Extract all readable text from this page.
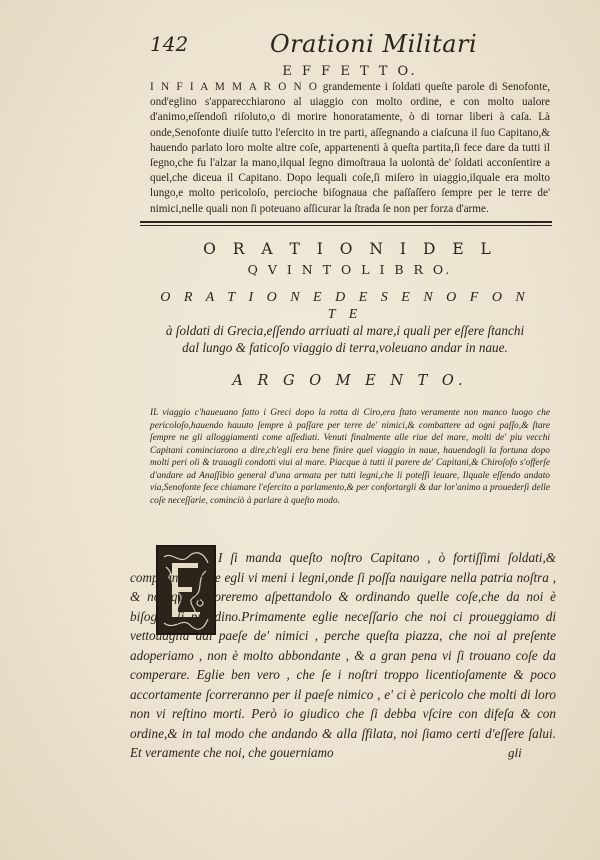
142	Orationi Militari
E F F E T T O.
I N F I A M M A R O N O grandemente i ſoldati queſte parole di Senofonte, ond'eglino s'apparecchiarono al uiaggio con molto ordine, e con molto ualore d'animo,eſſendoſi riſoluto,o di morire honoratamente, ò di tornar liberi à caſa. Là onde,Senofonte diuiſe tutto l'eſercito in tre parti, aſſegnando a ciaſcuna il ſuo Capitano,& hauendo parlato loro molte altre coſe, appartenenti à queſta partita,ſi fece dare da tutti il ſegno,che fu l'alzar la mano,ilqual ſegno dimoſtraua la uolontà de' ſoldati acconſentire a quel,che diceua il Capitano. Dopo lequali coſe,ſi miſero in uiaggio,ilquale era molto lungo,e molto pericoloſo, percioche biſognaua che paſſaſſero ſempre per le terre de' nimici,nelle quali non ſi poteuano aſſicurar la ſtrada ſe non per forza d'arme.
O R A T I O N I D E L
Q V I N T O L I B R O.
O R A T I O N E D E S E N O F O N T E
à ſoldati di Grecia,eſſendo arriuati al mare,i quali per eſſere ſtanchi dal lungo & faticoſo viaggio di terra,voleuano andar in naue.
A R G O M E N T O.
IL viaggio c'haueuano fatto i Greci dopo la rotta di Ciro,era ſtato veramente non manco luogo che pericoloſo,hauendo hauuto ſempre à paſſare per terre de' nimici,& combattere ad ogni paſſo,& ſtare ſempre ne gli alloggiamenti come aſſediati. Venuti finalmente alle riue del mare, molti de' piu vecchi Capitani cominciarono a dire,ch'egli era bene finire quel viaggio in naue, hauendogli la fortuna dopo molti peri oli & trauagli condotti viui al mare. Piacque à tutti il parere de' Capitani,& Chiroſofo s'offerſe d'andare ad Anaſſibio general d'una armata per tutti legni,che li poteſſi leuare, Ilquale eſſendo andato via,Senofonte fece chiamare l'eſercito a parlamento,& per confortargli & dar lor'animo a prouederſi delle coſe neceſſarie, cominciò à parlare à queſto modo.
I ſi manda queſto noſtro Capitano , ò fortiſſimi ſoldati,& compagni,perche egli vi meni i legni,onde ſi poſſa nauigare nella patria noſtra , & noi qui dimoreremo aſpettandolo & ordinando quelle coſe,che da noi è biſogno ſi prendino.Primamente eglie neceſſario che noi ci proueggiamo di vettouaglia dal paeſe de' nimici , perche queſta piazza, che noi al preſente adoperiamo , non è molto abbondante , & a gran pena vi ſi trouano coſe da comperare. Eglie ben vero , che ſe i noſtri troppo licentioſamente & poco accortamente ſcorreranno per il paeſe nimico , e' ci è pericolo che molti di loro non vi reſtino morti. Però io giudico che ſi debba vſcire con difeſa & con ordine,& in tal modo che andando & alla ſfilata, noi ſiamo certi d'eſſere ſalui. Et veramente che noi, che gouerniamo	gli
